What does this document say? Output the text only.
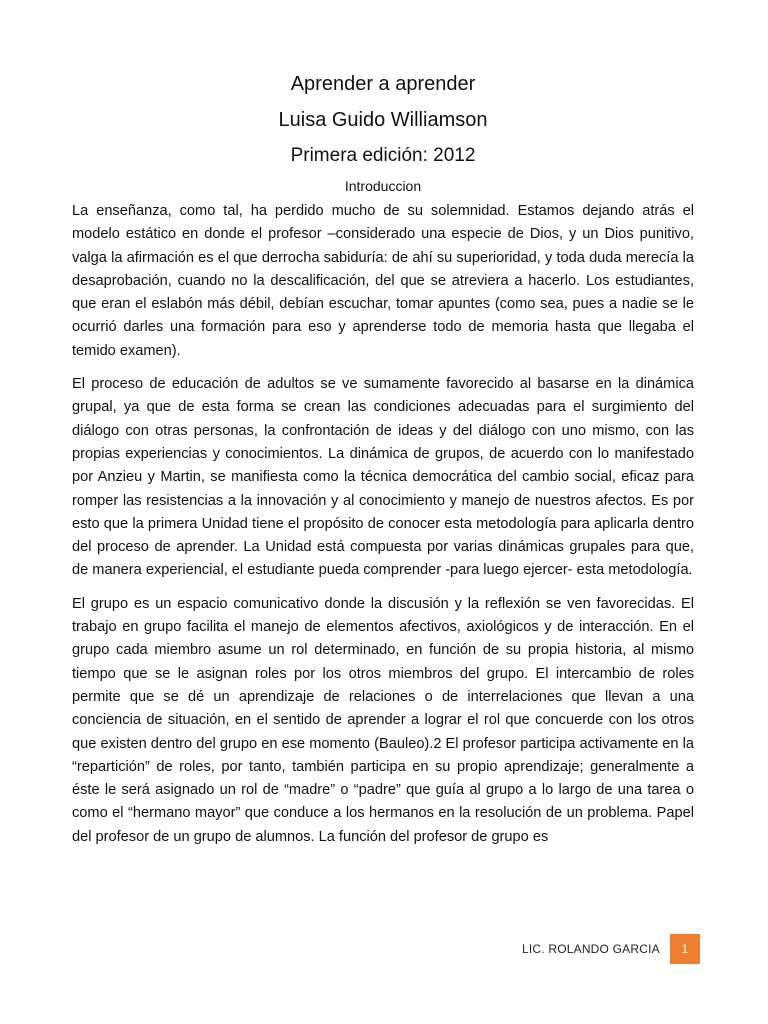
Aprender a aprender
Luisa Guido Williamson
Primera edición: 2012
Introduccion

La enseñanza, como tal, ha perdido mucho de su solemnidad. Estamos dejando atrás el modelo estático en donde el profesor –considerado una especie de Dios, y un Dios punitivo, valga la afirmación es el que derrocha sabiduría: de ahí su superioridad, y toda duda merecía la desaprobación, cuando no la descalificación, del que se atreviera a hacerlo. Los estudiantes, que eran el eslabón más débil, debían escuchar, tomar apuntes (como sea, pues a nadie se le ocurrió darles una formación para eso y aprenderse todo de memoria hasta que llegaba el temido examen).

El proceso de educación de adultos se ve sumamente favorecido al basarse en la dinámica grupal, ya que de esta forma se crean las condiciones adecuadas para el surgimiento del diálogo con otras personas, la confrontación de ideas y del diálogo con uno mismo, con las propias experiencias y conocimientos. La dinámica de grupos, de acuerdo con lo manifestado por Anzieu y Martin, se manifiesta como la técnica democrática del cambio social, eficaz para romper las resistencias a la innovación y al conocimiento y manejo de nuestros afectos. Es por esto que la primera Unidad tiene el propósito de conocer esta metodología para aplicarla dentro del proceso de aprender. La Unidad está compuesta por varias dinámicas grupales para que, de manera experiencial, el estudiante pueda comprender -para luego ejercer- esta metodología.

El grupo es un espacio comunicativo donde la discusión y la reflexión se ven favorecidas. El trabajo en grupo facilita el manejo de elementos afectivos, axiológicos y de interacción. En el grupo cada miembro asume un rol determinado, en función de su propia historia, al mismo tiempo que se le asignan roles por los otros miembros del grupo. El intercambio de roles permite que se dé un aprendizaje de relaciones o de interrelaciones que llevan a una conciencia de situación, en el sentido de aprender a lograr el rol que concuerde con los otros que existen dentro del grupo en ese momento (Bauleo).2 El profesor participa activamente en la “repartición” de roles, por tanto, también participa en su propio aprendizaje; generalmente a éste le será asignado un rol de “madre” o “padre” que guía al grupo a lo largo de una tarea o como el “hermano mayor” que conduce a los hermanos en la resolución de un problema. Papel del profesor de un grupo de alumnos. La función del profesor de grupo es

LIC. ROLANDO GARCIA	1
